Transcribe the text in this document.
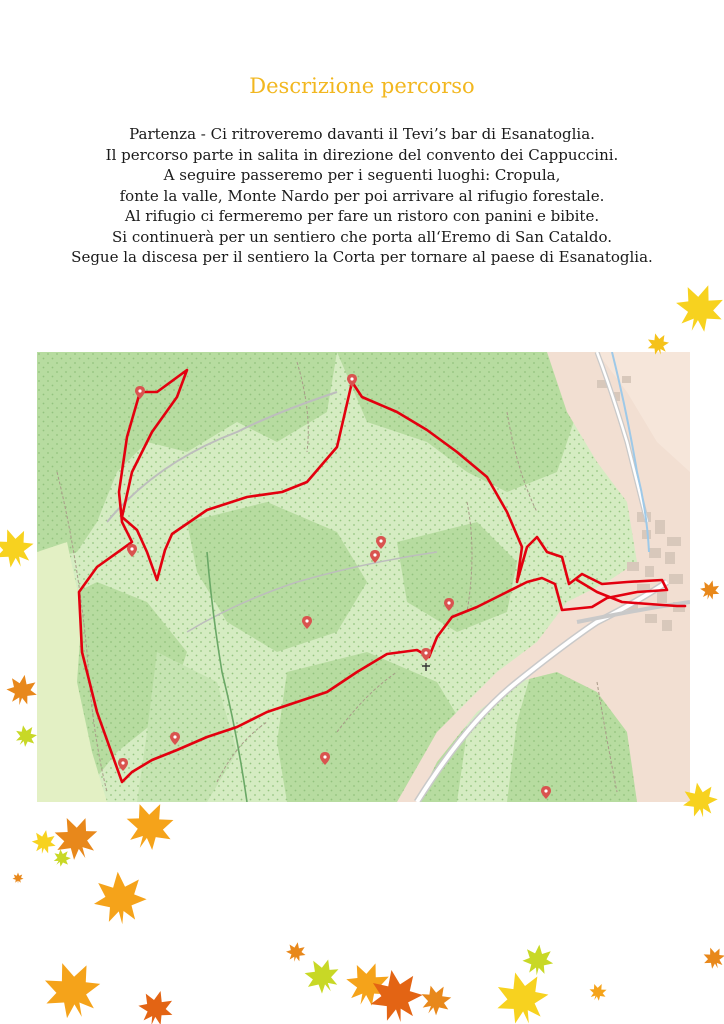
Descrizione percorso
Partenza - Ci ritroveremo davanti il Tevi’s bar di Esanatoglia.
Il percorso parte in salita in direzione del convento dei Cappuccini.
A seguire passeremo per i seguenti luoghi: Cropula,
fonte la valle, Monte Nardo per poi arrivare al rifugio forestale.
Al rifugio ci fermeremo per fare un ristoro con panini e bibite.
Si continuerà per un sentiero che porta all‘Eremo di San Cataldo.
Segue la discesa per il sentiero la Corta per tornare al paese di Esanatoglia.
